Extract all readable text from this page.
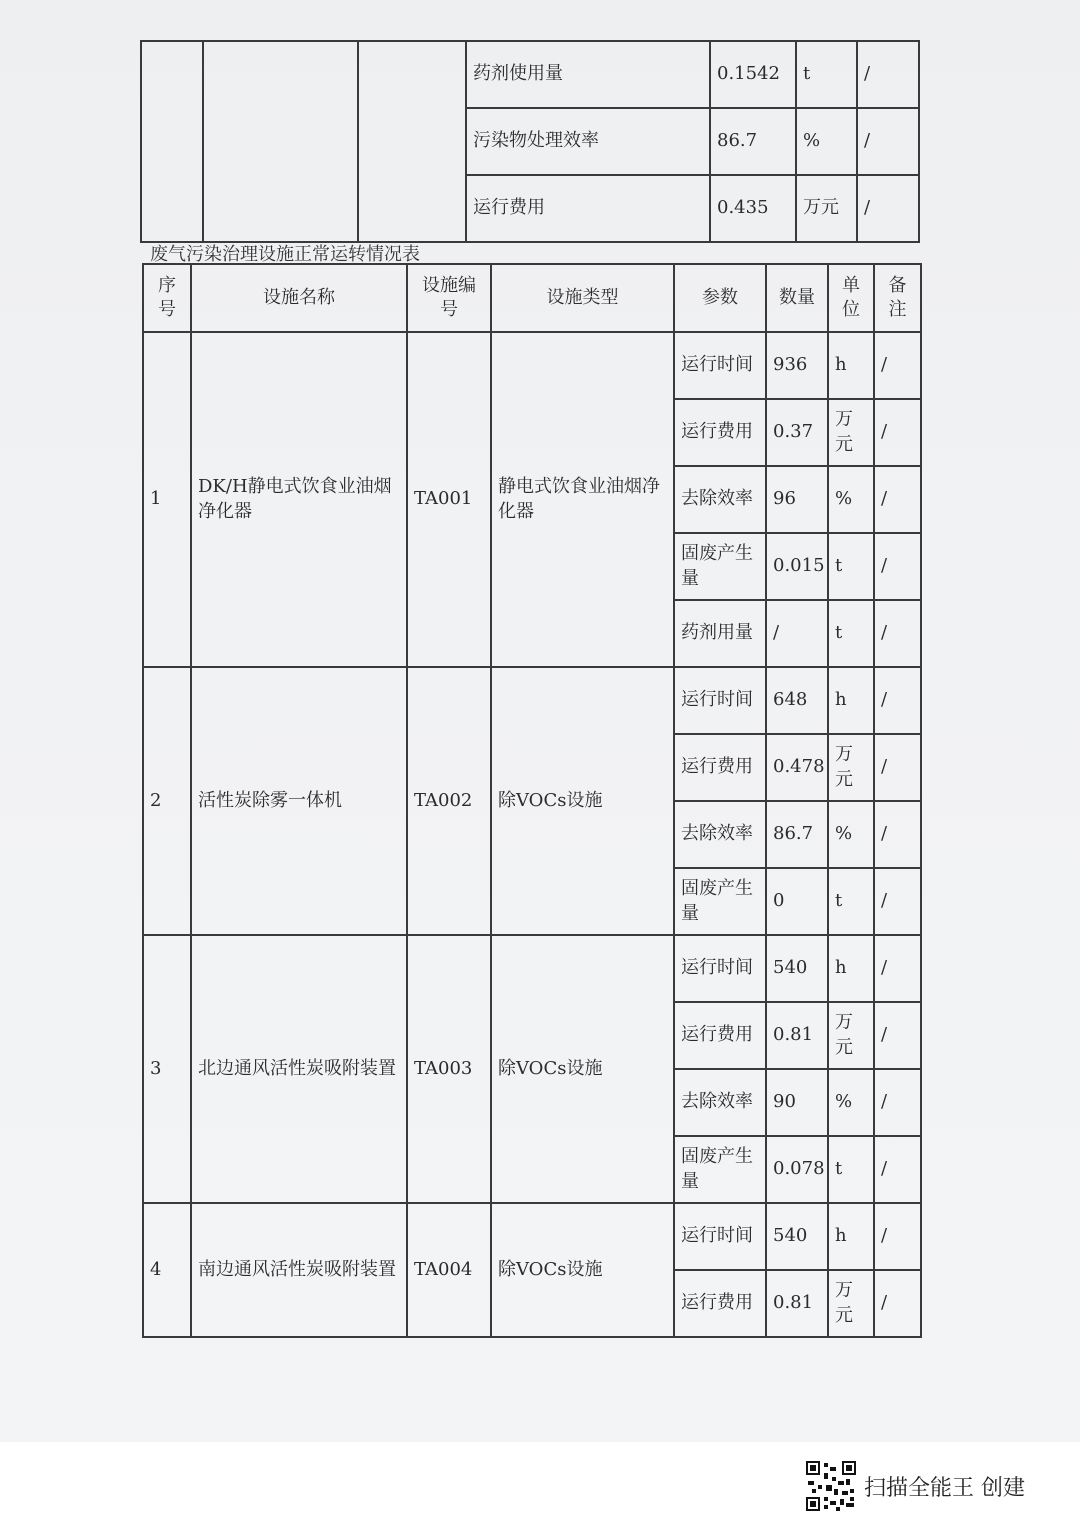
			药剂使用量	0.1542	t	/
			污染物处理效率	86.7	%	/
			运行费用	0.435	万元	/
废气污染治理设施正常运转情况表
序号	设施名称	设施编号	设施类型	参数	数量	单位	备注
1	DK/H静电式饮食业油烟净化器	TA001	静电式饮食业油烟净化器	运行时间	936	h	/
				运行费用	0.37	万元	/
				去除效率	96	%	/
				固废产生量	0.015	t	/
				药剂用量	/	t	/
2	活性炭除雾一体机	TA002	除VOCs设施	运行时间	648	h	/
				运行费用	0.478	万元	/
				去除效率	86.7	%	/
				固废产生量	0	t	/
3	北边通风活性炭吸附装置	TA003	除VOCs设施	运行时间	540	h	/
				运行费用	0.81	万元	/
				去除效率	90	%	/
				固废产生量	0.078	t	/
4	南边通风活性炭吸附装置	TA004	除VOCs设施	运行时间	540	h	/
				运行费用	0.81	万元	/
扫描全能王 创建
